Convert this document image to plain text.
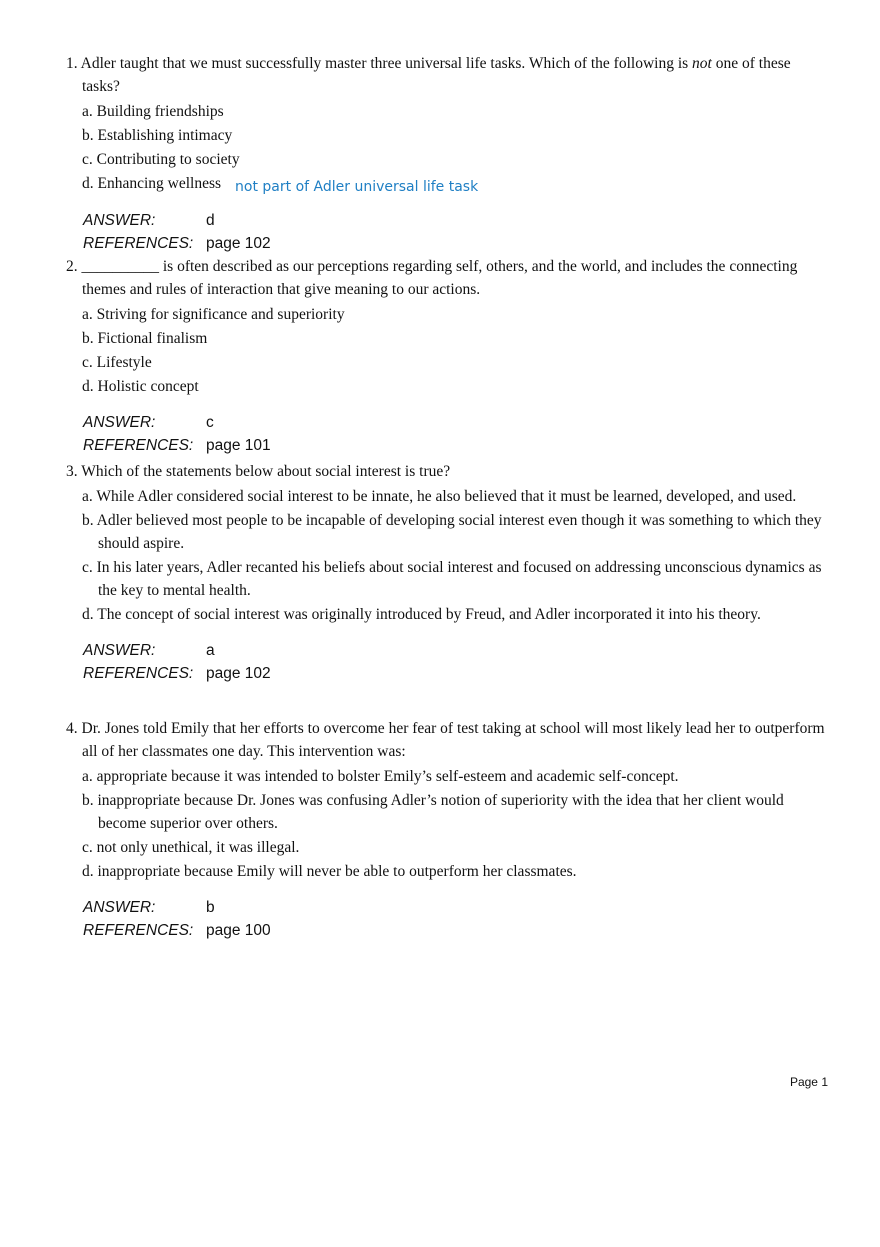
1. Adler taught that we must successfully master three universal life tasks. Which of the following is not one of these tasks?
a. Building friendships
b. Establishing intimacy
c. Contributing to society
d. Enhancing wellness not part of Adler universal life task
ANSWER:	d
REFERENCES: page 102
2. __________ is often described as our perceptions regarding self, others, and the world, and includes the connecting themes and rules of interaction that give meaning to our actions.
a. Striving for significance and superiority
b. Fictional finalism
c. Lifestyle
d. Holistic concept
ANSWER:	c
REFERENCES: page 101
3. Which of the statements below about social interest is true?
a. While Adler considered social interest to be innate, he also believed that it must be learned, developed, and used.
b. Adler believed most people to be incapable of developing social interest even though it was something to which they should aspire.
c. In his later years, Adler recanted his beliefs about social interest and focused on addressing unconscious dynamics as the key to mental health.
d. The concept of social interest was originally introduced by Freud, and Adler incorporated it into his theory.
ANSWER:	a
REFERENCES: page 102
4. Dr. Jones told Emily that her efforts to overcome her fear of test taking at school will most likely lead her to outperform all of her classmates one day. This intervention was:
a. appropriate because it was intended to bolster Emily’s self-esteem and academic self-concept.
b. inappropriate because Dr. Jones was confusing Adler’s notion of superiority with the idea that her client would become superior over others.
c. not only unethical, it was illegal.
d. inappropriate because Emily will never be able to outperform her classmates.
ANSWER:	b
REFERENCES: page 100
Page 1
